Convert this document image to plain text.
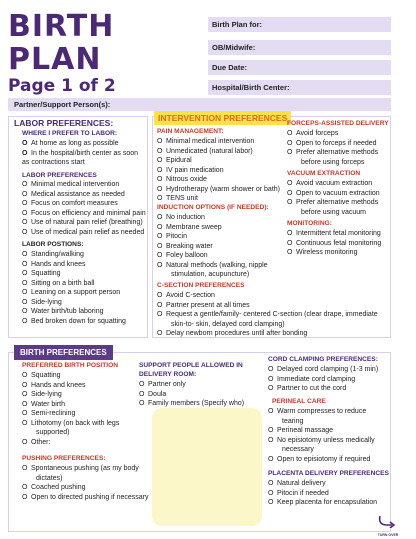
BIRTH
PLAN
Page 1 of 2
Birth Plan for:
OB/Midwife:
Due Date:
Hospital/Birth Center:
Partner/Support Person(s):
LABOR PREFERENCES:
WHERE I PREFER TO LABOR:
O At home as long as possible
O In the hospital/birth center as soon
as contractions start
LABOR PREFERENCES
O Minimal medical intervention
O Medical assistance as needed
O Focus on comfort measures
O Focus on efficiency and minimal pain
O Use of natural pain relief (breathing)
O Use of medical pain relief as needed
LABOR POSTIONS:
O Standing/walking
O Hands and knees
O Squatting
O Sitting on a birth ball
O Leaning on a support person
O Side-lying
O Water birth/tub laboring
O Bed broken down for squatting
INTERVENTION PREFERENCES
PAIN MANAGEMENT:
O Minimal medical intervention
O Unmedicated (natural labor)
O Epidural
O IV pain medication
O Nitrous oxide
O Hydrotherapy (warm shower or bath)
O TENS unit
INDUCTION OPTIONS (IF NEEDED):
O No induction
O Membrane sweep
O Pitocin
O Breaking water
O Foley balloon
O Natural methods (walking, nipple
stimulation, acupuncture)
C-SECTION PREFERENCES
O Avoid C-section
O Partner present at all times
O Request a gentle/family- centered C-section (clear drape, immediate
skin-to- skin, delayed cord clamping)
O Delay newborn procedures until after bonding
FORCEPS-ASSISTED DELIVERY
O Avoid forceps
O Open to forceps if needed
O Prefer alternative methods
before using forceps
VACUUM EXTRACTION
O Avoid vacuum extraction
O Open to vacuum extraction
O Prefer alternative methods
before using vacuum
MONITORING:
O Intermittent fetal monitoring
O Continuous fetal monitoring
O Wireless monitoring
BIRTH PREFERENCES
PREFERRED BIRTH POSITION
O Squatting
O Hands and knees
O Side-lying
O Water birth
O Semi-reclining
O Lithotomy (on back with legs
supported)
O Other:
PUSHING PREFERENCES:
O Spontaneous pushing (as my body
dictates)
O Coached pushing
O Open to directed pushing if necessary
SUPPORT PEOPLE ALLOWED IN
DELIVERY ROOM:
O Partner only
O Doula
O Family members (Specify who)
CORD CLAMPING PREFERENCES:
O Delayed cord clamping (1-3 min)
O Immediate cord clamping
O Partner to cut the cord
PERINEAL CARE
O Warm compresses to reduce
tearing
O Perineal massage
O No episiotomy unless medically
necessary
O Open to episiotomy if required
PLACENTA DELIVERY PREFERENCES
O Natural delivery
O Pitocin if needed
O Keep placenta for encapsulation
TURN OVER
